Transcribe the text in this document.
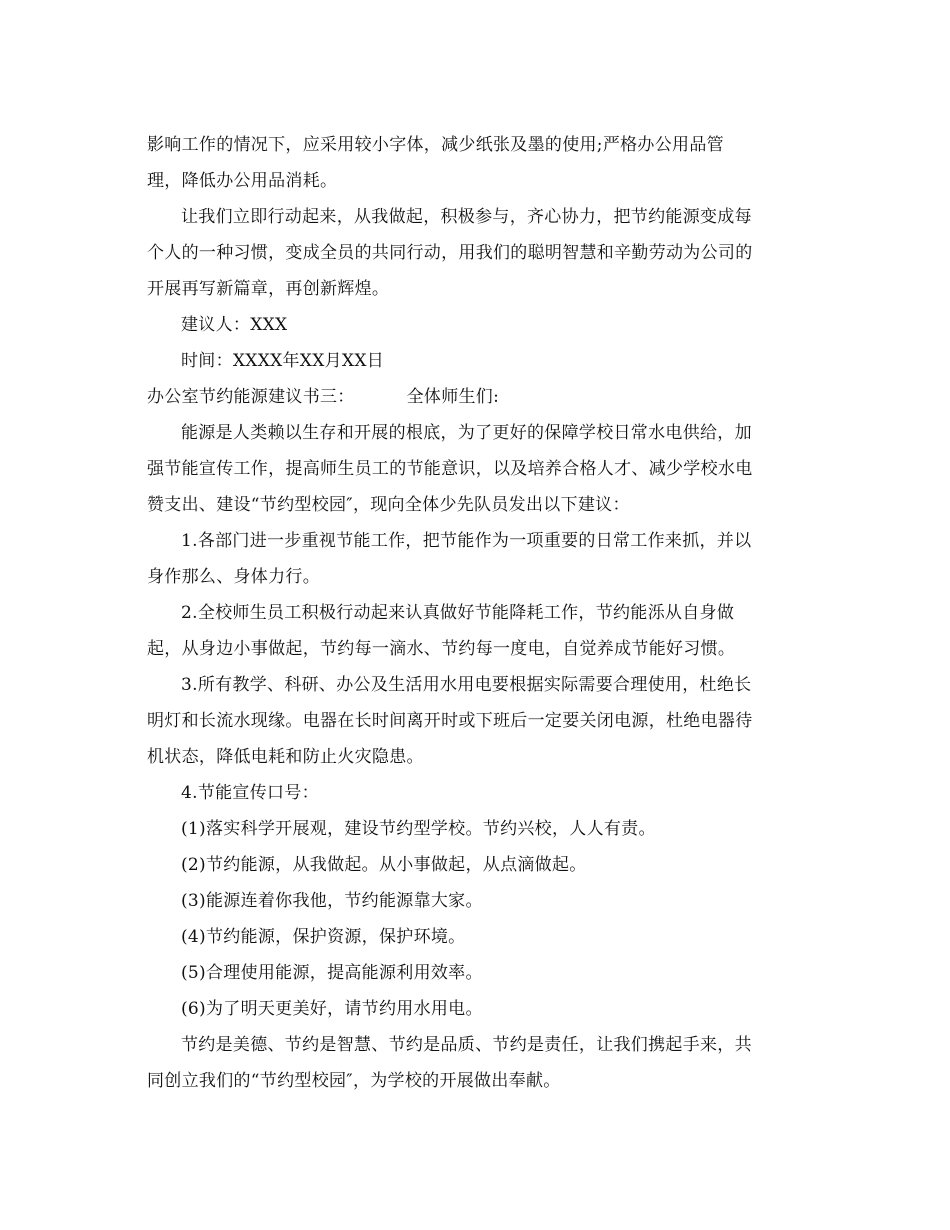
影响工作的情况下，应采用较小字体，减少纸张及墨的使用;严格办公用品管
理，降低办公用品消耗。
让我们立即行动起来，从我做起，积极参与，齐心协力，把节约能源变成每
个人的一种习惯，变成全员的共同行动，用我们的聪明智慧和辛勤劳动为公司的
开展再写新篇章，再创新辉煌。
建议人：XXX
时间：XXXX年XX月XX日
办公室节约能源建议书三：	全体师生们:
能源是人类赖以生存和开展的根底，为了更好的保障学校日常水电供给，加
强节能宣传工作，提高师生员工的节能意识，以及培养合格人才、减少学校水电
赞支出、建设“节约型校园″，现向全体少先队员发出以下建议：
1.各部门进一步重视节能工作，把节能作为一项重要的日常工作来抓，并以
身作那么、身体力行。
2.全校师生员工积极行动起来认真做好节能降耗工作，节约能泺从自身做
起，从身边小事做起，节约每一滴水、节约每一度电，自觉养成节能好习惯。
3.所有教学、科研、办公及生活用水用电要根据实际需要合理使用，杜绝长
明灯和长流水现缘。电器在长时间离开时或下班后一定要关闭电源，杜绝电器待
机状态，降低电耗和防止火灾隐患。
4.节能宣传口号：
(1)落实科学开展观，建设节约型学校。节约兴校，人人有责。
(2)节约能源，从我做起。从小事做起，从点滴做起。
(3)能源连着你我他，节约能源靠大家。
(4)节约能源，保护资源，保护环境。
(5)合理使用能源，提高能源利用效率。
(6)为了明天更美好，请节约用水用电。
节约是美德、节约是智慧、节约是品质、节约是责任，让我们携起手来，共
同创立我们的“节约型校园″，为学校的开展做出奉献。
